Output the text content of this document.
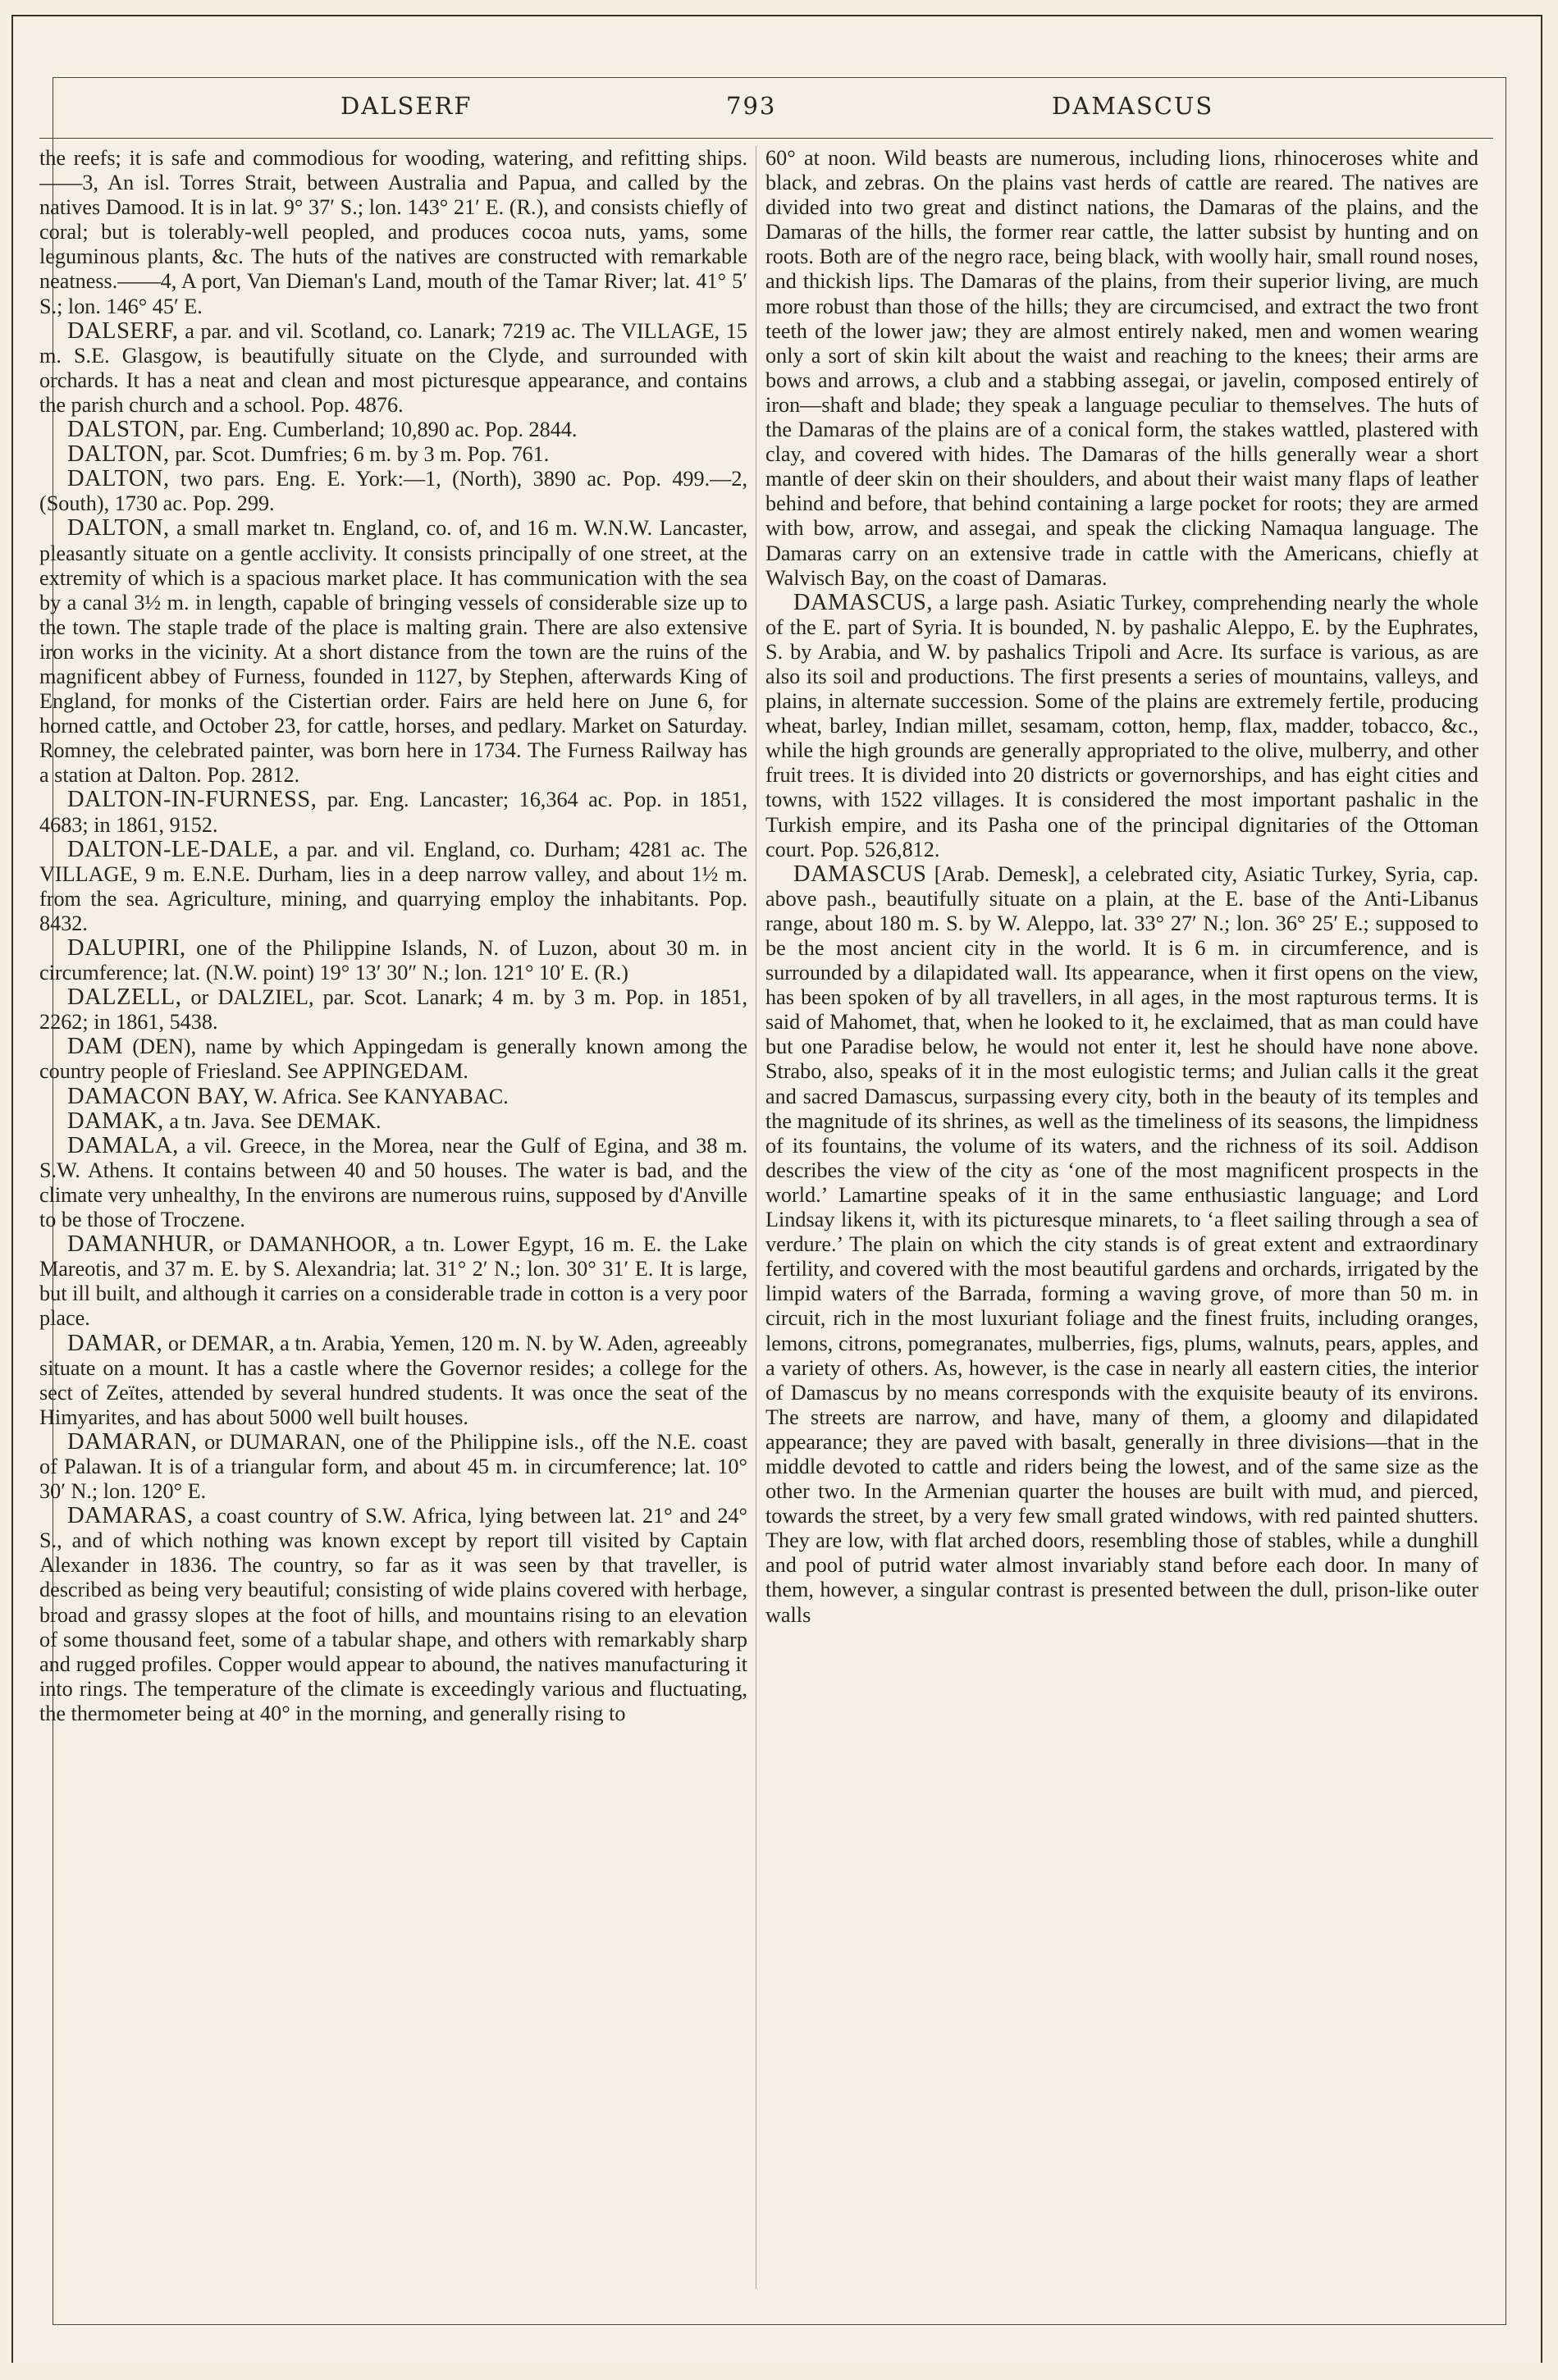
DALSERF	793	DAMASCUS

the reefs; it is safe and commodious for wooding, watering, and refitting ships.——3, An isl. Torres Strait, between Australia and Papua, and called by the natives Damood. It is in lat. 9° 37′ S.; lon. 143° 21′ E. (R.), and consists chiefly of coral; but is tolerably-well peopled, and produces cocoa nuts, yams, some leguminous plants, &c. The huts of the natives are constructed with remarkable neatness.——4, A port, Van Dieman's Land, mouth of the Tamar River; lat. 41° 5′ S.; lon. 146° 45′ E.

DALSERF, a par. and vil. Scotland, co. Lanark; 7219 ac. The VILLAGE, 15 m. S.E. Glasgow, is beautifully situate on the Clyde, and surrounded with orchards. It has a neat and clean and most picturesque appearance, and contains the parish church and a school. Pop. 4876.

DALSTON, par. Eng. Cumberland; 10,890 ac. Pop. 2844.

DALTON, par. Scot. Dumfries; 6 m. by 3 m. Pop. 761.

DALTON, two pars. Eng. E. York:—1, (North), 3890 ac. Pop. 499.—2, (South), 1730 ac. Pop. 299.

DALTON, a small market tn. England, co. of, and 16 m. W.N.W. Lancaster, pleasantly situate on a gentle acclivity. It consists principally of one street, at the extremity of which is a spacious market place. It has communication with the sea by a canal 3½ m. in length, capable of bringing vessels of considerable size up to the town. The staple trade of the place is malting grain. There are also extensive iron works in the vicinity. At a short distance from the town are the ruins of the magnificent abbey of Furness, founded in 1127, by Stephen, afterwards King of England, for monks of the Cistertian order. Fairs are held here on June 6, for horned cattle, and October 23, for cattle, horses, and pedlary. Market on Saturday. Romney, the celebrated painter, was born here in 1734. The Furness Railway has a station at Dalton. Pop. 2812.

DALTON-IN-FURNESS, par. Eng. Lancaster; 16,364 ac. Pop. in 1851, 4683; in 1861, 9152.

DALTON-LE-DALE, a par. and vil. England, co. Durham; 4281 ac. The VILLAGE, 9 m. E.N.E. Durham, lies in a deep narrow valley, and about 1½ m. from the sea. Agriculture, mining, and quarrying employ the inhabitants. Pop. 8432.

DALUPIRI, one of the Philippine Islands, N. of Luzon, about 30 m. in circumference; lat. (N.W. point) 19° 13′ 30″ N.; lon. 121° 10′ E. (R.)

DALZELL, or DALZIEL, par. Scot. Lanark; 4 m. by 3 m. Pop. in 1851, 2262; in 1861, 5438.

DAM (DEN), name by which Appingedam is generally known among the country people of Friesland. See APPINGEDAM.

DAMACON BAY, W. Africa. See KANYABAC.

DAMAK, a tn. Java. See DEMAK.

DAMALA, a vil. Greece, in the Morea, near the Gulf of Egina, and 38 m. S.W. Athens. It contains between 40 and 50 houses. The water is bad, and the climate very unhealthy, In the environs are numerous ruins, supposed by d'Anville to be those of Troczene.

DAMANHUR, or DAMANHOOR, a tn. Lower Egypt, 16 m. E. the Lake Mareotis, and 37 m. E. by S. Alexandria; lat. 31° 2′ N.; lon. 30° 31′ E. It is large, but ill built, and although it carries on a considerable trade in cotton is a very poor place.

DAMAR, or DEMAR, a tn. Arabia, Yemen, 120 m. N. by W. Aden, agreeably situate on a mount. It has a castle where the Governor resides; a college for the sect of Zeïtes, attended by several hundred students. It was once the seat of the Himyarites, and has about 5000 well built houses.

DAMARAN, or DUMARAN, one of the Philippine isls., off the N.E. coast of Palawan. It is of a triangular form, and about 45 m. in circumference; lat. 10° 30′ N.; lon. 120° E.

DAMARAS, a coast country of S.W. Africa, lying between lat. 21° and 24° S., and of which nothing was known except by report till visited by Captain Alexander in 1836. The country, so far as it was seen by that traveller, is described as being very beautiful; consisting of wide plains covered with herbage, broad and grassy slopes at the foot of hills, and mountains rising to an elevation of some thousand feet, some of a tabular shape, and others with remarkably sharp and rugged profiles. Copper would appear to abound, the natives manufacturing it into rings. The temperature of the climate is exceedingly various and fluctuating, the thermometer being at 40° in the morning, and generally rising to

60° at noon. Wild beasts are numerous, including lions, rhinoceroses white and black, and zebras. On the plains vast herds of cattle are reared. The natives are divided into two great and distinct nations, the Damaras of the plains, and the Damaras of the hills, the former rear cattle, the latter subsist by hunting and on roots. Both are of the negro race, being black, with woolly hair, small round noses, and thickish lips. The Damaras of the plains, from their superior living, are much more robust than those of the hills; they are circumcised, and extract the two front teeth of the lower jaw; they are almost entirely naked, men and women wearing only a sort of skin kilt about the waist and reaching to the knees; their arms are bows and arrows, a club and a stabbing assegai, or javelin, composed entirely of iron—shaft and blade; they speak a language peculiar to themselves. The huts of the Damaras of the plains are of a conical form, the stakes wattled, plastered with clay, and covered with hides. The Damaras of the hills generally wear a short mantle of deer skin on their shoulders, and about their waist many flaps of leather behind and before, that behind containing a large pocket for roots; they are armed with bow, arrow, and assegai, and speak the clicking Namaqua language. The Damaras carry on an extensive trade in cattle with the Americans, chiefly at Walvisch Bay, on the coast of Damaras.

DAMASCUS, a large pash. Asiatic Turkey, comprehending nearly the whole of the E. part of Syria. It is bounded, N. by pashalic Aleppo, E. by the Euphrates, S. by Arabia, and W. by pashalics Tripoli and Acre. Its surface is various, as are also its soil and productions. The first presents a series of mountains, valleys, and plains, in alternate succession. Some of the plains are extremely fertile, producing wheat, barley, Indian millet, sesamam, cotton, hemp, flax, madder, tobacco, &c., while the high grounds are generally appropriated to the olive, mulberry, and other fruit trees. It is divided into 20 districts or governorships, and has eight cities and towns, with 1522 villages. It is considered the most important pashalic in the Turkish empire, and its Pasha one of the principal dignitaries of the Ottoman court. Pop. 526,812.

DAMASCUS [Arab. Demesk], a celebrated city, Asiatic Turkey, Syria, cap. above pash., beautifully situate on a plain, at the E. base of the Anti-Libanus range, about 180 m. S. by W. Aleppo, lat. 33° 27′ N.; lon. 36° 25′ E.; supposed to be the most ancient city in the world. It is 6 m. in circumference, and is surrounded by a dilapidated wall. Its appearance, when it first opens on the view, has been spoken of by all travellers, in all ages, in the most rapturous terms. It is said of Mahomet, that, when he looked to it, he exclaimed, that as man could have but one Paradise below, he would not enter it, lest he should have none above. Strabo, also, speaks of it in the most eulogistic terms; and Julian calls it the great and sacred Damascus, surpassing every city, both in the beauty of its temples and the magnitude of its shrines, as well as the timeliness of its seasons, the limpidness of its fountains, the volume of its waters, and the richness of its soil. Addison describes the view of the city as ‘one of the most magnificent prospects in the world.’ Lamartine speaks of it in the same enthusiastic language; and Lord Lindsay likens it, with its picturesque minarets, to ‘a fleet sailing through a sea of verdure.’ The plain on which the city stands is of great extent and extraordinary fertility, and covered with the most beautiful gardens and orchards, irrigated by the limpid waters of the Barrada, forming a waving grove, of more than 50 m. in circuit, rich in the most luxuriant foliage and the finest fruits, including oranges, lemons, citrons, pomegranates, mulberries, figs, plums, walnuts, pears, apples, and a variety of others. As, however, is the case in nearly all eastern cities, the interior of Damascus by no means corresponds with the exquisite beauty of its environs. The streets are narrow, and have, many of them, a gloomy and dilapidated appearance; they are paved with basalt, generally in three divisions—that in the middle devoted to cattle and riders being the lowest, and of the same size as the other two. In the Armenian quarter the houses are built with mud, and pierced, towards the street, by a very few small grated windows, with red painted shutters. They are low, with flat arched doors, resembling those of stables, while a dunghill and pool of putrid water almost invariably stand before each door. In many of them, however, a singular contrast is presented between the dull, prison-like outer walls
